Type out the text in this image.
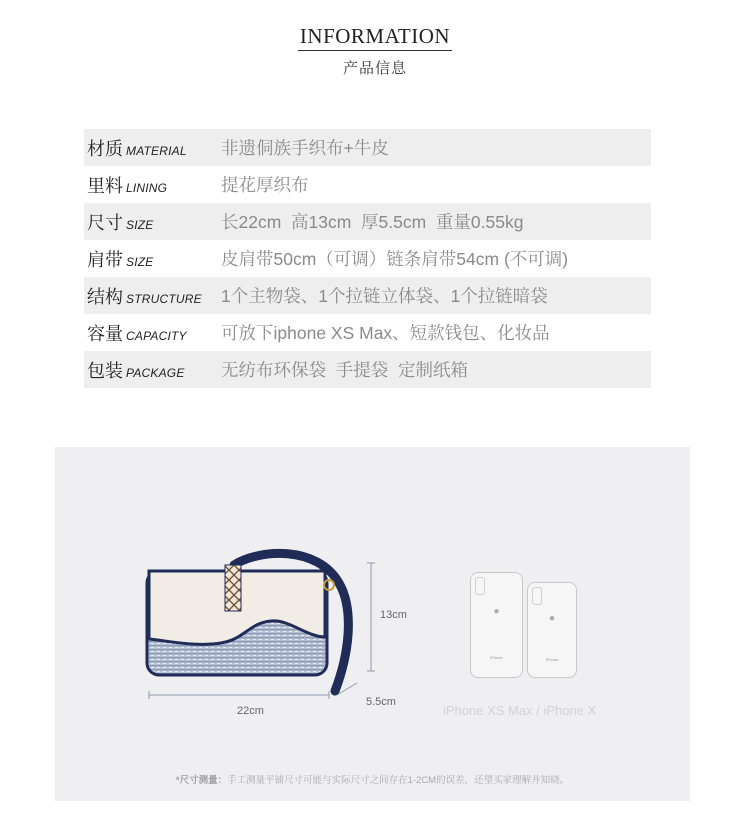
INFORMATION
产品信息
材质 MATERIAL 非遗侗族手织布+牛皮
里料 LINING	提花厚织布
尺寸 SIZE	长22cm  高13cm  厚5.5cm  重量0.55kg
肩带 SIZE	皮肩带50cm（可调）链条肩带54cm (不可调)
结构 STRUCTURE 1个主物袋、1个拉链立体袋、1个拉链暗袋
容量 CAPACITY 可放下iphone XS Max、短款钱包、化妆品
包装 PACKAGE 无纺布环保袋  手提袋  定制纸箱
13cm
5.5cm
22cm
●
iPhone
●
iPhone
iPhone XS Max / iPhone X
*尺寸测量：手工测量平铺尺寸可能与实际尺寸之间存在1-2CM的误差，还望买家理解并知晓。
